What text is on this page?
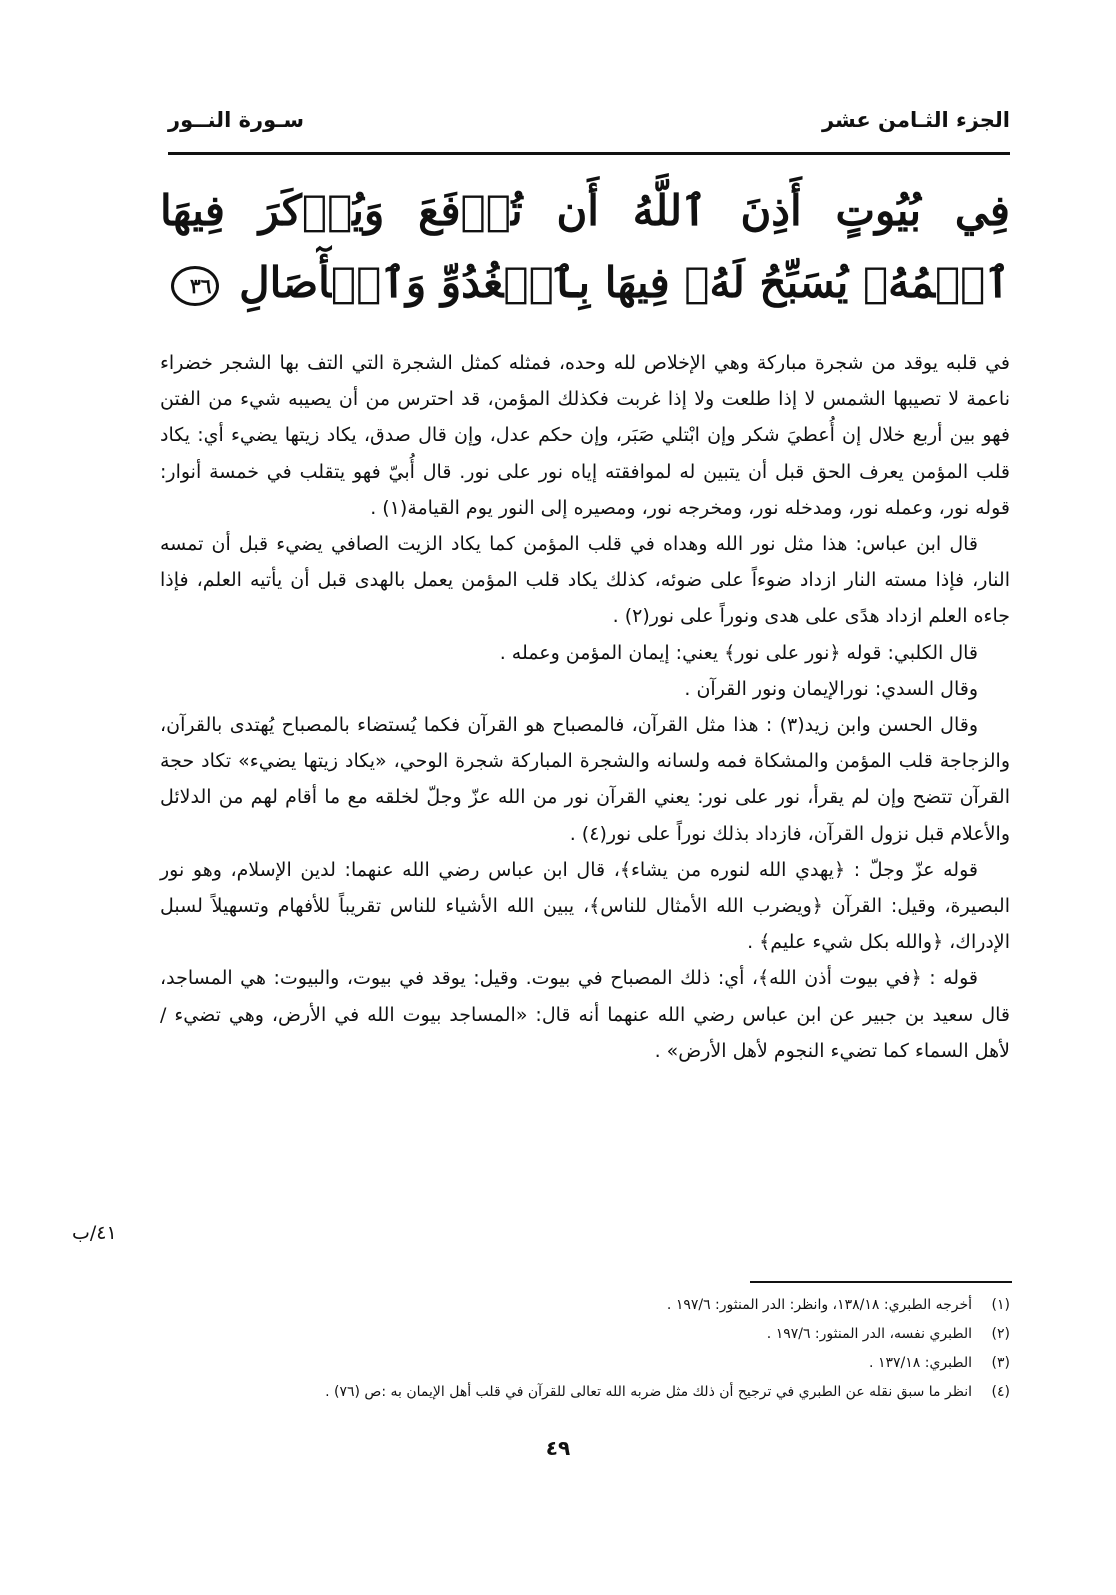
الجزء الثـامن عشر
سـورة النــور
فِي بُيُوتٍ أَذِنَ ٱللَّهُ أَن تُرۡفَعَ وَيُذۡكَرَ فِيهَا ٱسۡمُهُۥ يُسَبِّحُ لَهُۥ فِيهَا بِٱلۡغُدُوِّ وَٱلۡأٓصَالِ ٣٦

في قلبه يوقد من شجرة مباركة وهي الإخلاص لله وحده، فمثله كمثل الشجرة التي التف بها الشجر خضراء ناعمة لا تصيبها الشمس لا إذا طلعت ولا إذا غربت فكذلك المؤمن، قد احترس من أن يصيبه شيء من الفتن فهو بين أربع خلال إن أُعطيَ شكر وإن ابْتلي صَبَر، وإن حكم عدل، وإن قال صدق، يكاد زيتها يضيء أي: يكاد قلب المؤمن يعرف الحق قبل أن يتبين له لموافقته إياه نور على نور. قال أُبيّ فهو يتقلب في خمسة أنوار: قوله نور، وعمله نور، ومدخله نور، ومخرجه نور، ومصيره إلى النور يوم القيامة(١) .

قال ابن عباس: هذا مثل نور الله وهداه في قلب المؤمن كما يكاد الزيت الصافي يضيء قبل أن تمسه النار، فإذا مسته النار ازداد ضوءاً على ضوئه، كذلك يكاد قلب المؤمن يعمل بالهدى قبل أن يأتيه العلم، فإذا جاءه العلم ازداد هدًى على هدى ونوراً على نور(٢) .

قال الكلبي: قوله ﴿نور على نور﴾ يعني: إيمان المؤمن وعمله .

وقال السدي: نورالإيمان ونور القرآن .

وقال الحسن وابن زيد(٣) : هذا مثل القرآن، فالمصباح هو القرآن فكما يُستضاء بالمصباح يُهتدى بالقرآن، والزجاجة قلب المؤمن والمشكاة فمه ولسانه والشجرة المباركة شجرة الوحي، «يكاد زيتها يضيء» تكاد حجة القرآن تتضح وإن لم يقرأ، نور على نور: يعني القرآن نور من الله عزّ وجلّ لخلقه مع ما أقام لهم من الدلائل والأعلام قبل نزول القرآن، فازداد بذلك نوراً على نور(٤) .

قوله عزّ وجلّ : ﴿يهدي الله لنوره من يشاء﴾، قال ابن عباس رضي الله عنهما: لدين الإسلام، وهو نور البصيرة، وقيل: القرآن ﴿ويضرب الله الأمثال للناس﴾، يبين الله الأشياء للناس تقريباً للأفهام وتسهيلاً لسبل الإدراك، ﴿والله بكل شيء عليم﴾ .

قوله : ﴿في بيوت أذن الله﴾، أي: ذلك المصباح في بيوت. وقيل: يوقد في بيوت، والبيوت: هي المساجد، قال سعيد بن جبير عن ابن عباس رضي الله عنهما أنه قال: «المساجد بيوت الله في الأرض، وهي تضيء / لأهل السماء كما تضيء النجوم لأهل الأرض» .

٤١/ب
(١)
أخرجه الطبري: ١٣٨/١٨، وانظر: الدر المنثور: ١٩٧/٦ .
(٢)
الطبري نفسه، الدر المنثور: ١٩٧/٦ .
(٣)
الطبري: ١٣٧/١٨ .
(٤)
انظر ما سبق نقله عن الطبري في ترجيح أن ذلك مثل ضربه الله تعالى للقرآن في قلب أهل الإيمان به :ص (٧٦) .
٤٩
